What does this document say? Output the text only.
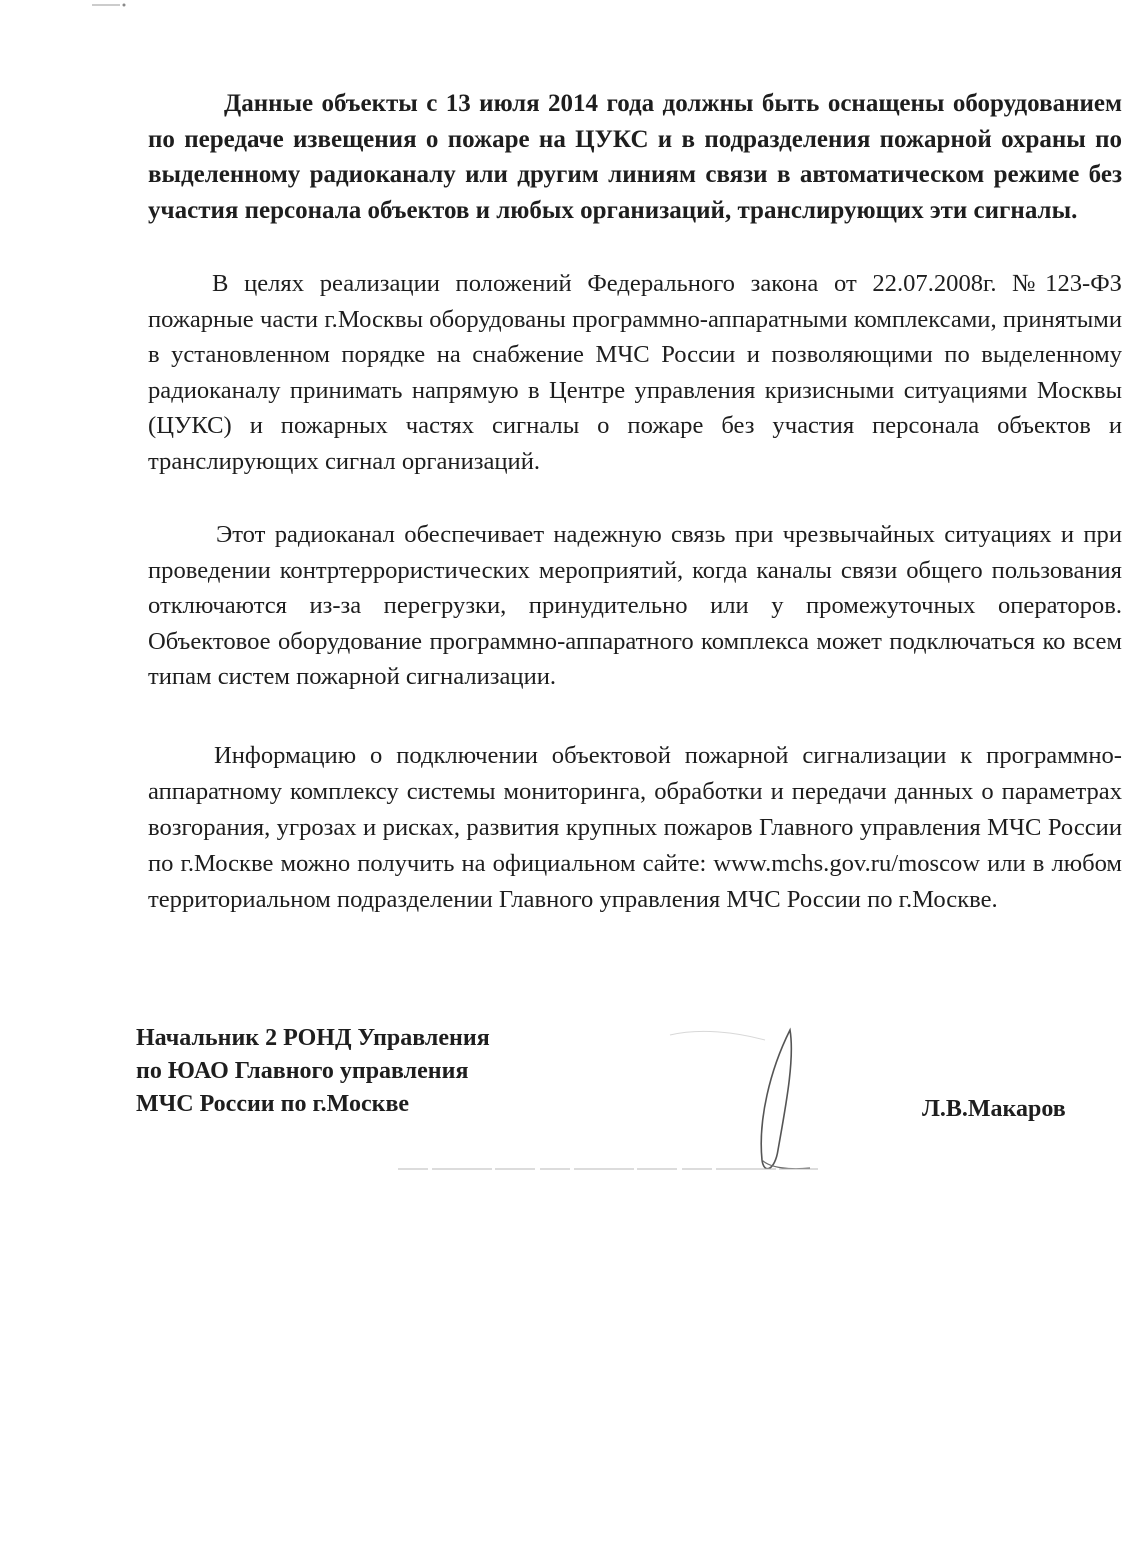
Данные объекты с 13 июля 2014 года должны быть оснащены оборудованием по передаче извещения о пожаре на ЦУКС и в подразделения пожарной охраны по выделенному радиоканалу или другим линиям связи в автоматическом режиме без участия персонала объектов и любых организаций, транслирующих эти сигналы.

В целях реализации положений Федерального закона от 22.07.2008г. №123-ФЗ пожарные части г.Москвы оборудованы программно-аппаратными комплексами, принятыми в установленном порядке на снабжение МЧС России и позволяющими по выделенному радиоканалу принимать напрямую в Центре управления кризисными ситуациями Москвы (ЦУКС) и пожарных частях сигналы о пожаре без участия персонала объектов и транслирующих сигнал организаций.

Этот радиоканал обеспечивает надежную связь при чрезвычайных ситуациях и при проведении контртеррористических мероприятий, когда каналы связи общего пользования отключаются из-за перегрузки, принудительно или у промежуточных операторов. Объектовое оборудование программно-аппаратного комплекса может подключаться ко всем типам систем пожарной сигнализации.

Информацию о подключении объектовой пожарной сигнализации к программно-аппаратному комплексу системы мониторинга, обработки и передачи данных о параметрах возгорания, угрозах и рисках, развития крупных пожаров Главного управления МЧС России по г.Москве можно получить на официальном сайте: www.mchs.gov.ru/moscow или в любом территориальном подразделении Главного управления МЧС России по г.Москве.

Начальник 2 РОНД Управления
по ЮАО Главного управления
МЧС России по г.Москве	Л.В.Макаров
